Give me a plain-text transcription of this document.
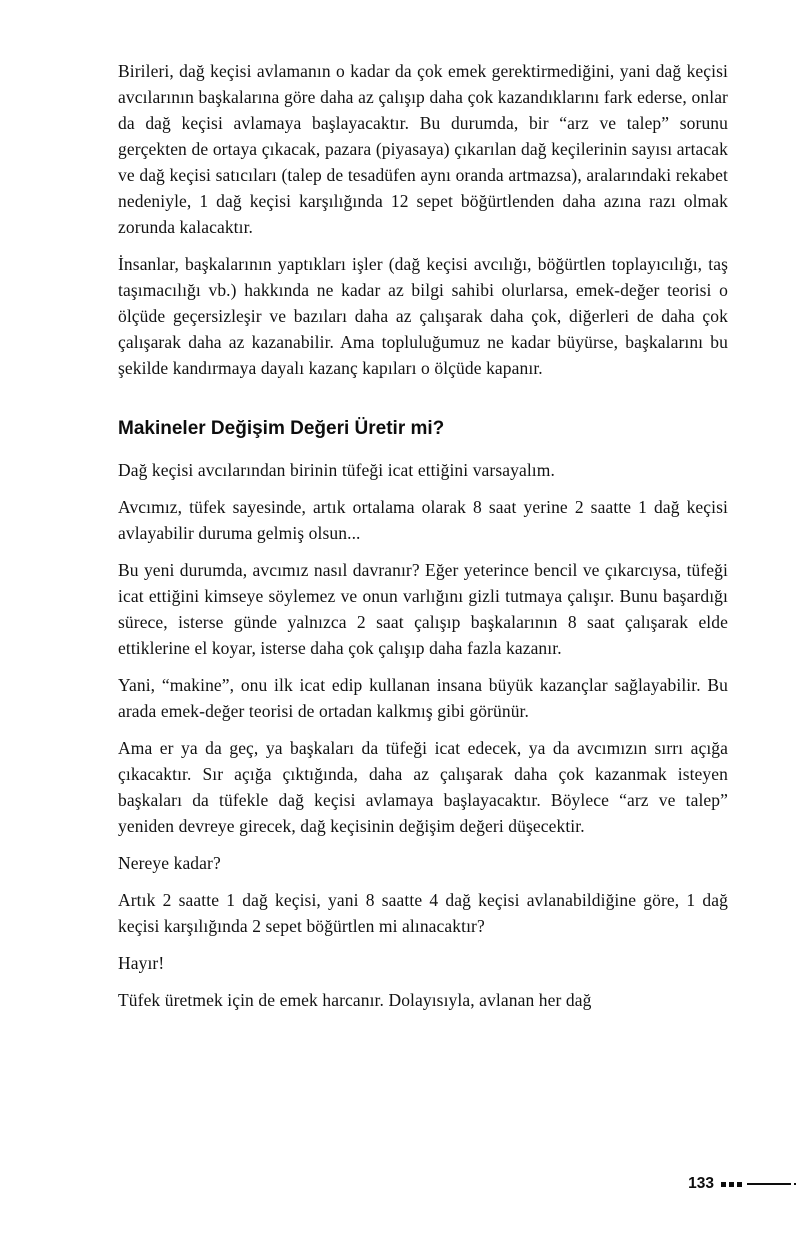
Birileri, dağ keçisi avlamanın o kadar da çok emek gerektirmediğini, yani dağ keçisi avcılarının başkalarına göre daha az çalışıp daha çok kazandıklarını fark ederse, onlar da dağ keçisi avlamaya başlayacaktır. Bu durumda, bir “arz ve talep” sorunu gerçekten de ortaya çıkacak, pazara (piyasaya) çıkarılan dağ keçilerinin sayısı artacak ve dağ keçisi satıcıları (talep de tesadüfen aynı oranda artmazsa), aralarındaki rekabet nedeniyle, 1 dağ keçisi karşılığında 12 sepet böğürtlenden daha azına razı olmak zorunda kalacaktır.

İnsanlar, başkalarının yaptıkları işler (dağ keçisi avcılığı, böğürtlen toplayıcılığı, taş taşımacılığı vb.) hakkında ne kadar az bilgi sahibi olurlarsa, emek-değer teorisi o ölçüde geçersizleşir ve bazıları daha az çalışarak daha çok, diğerleri de daha çok çalışarak daha az kazanabilir. Ama topluluğumuz ne kadar büyürse, başkalarını bu şekilde kandırmaya dayalı kazanç kapıları o ölçüde kapanır.

Makineler Değişim Değeri Üretir mi?

Dağ keçisi avcılarından birinin tüfeği icat ettiğini varsayalım.

Avcımız, tüfek sayesinde, artık ortalama olarak 8 saat yerine 2 saatte 1 dağ keçisi avlayabilir duruma gelmiş olsun...

Bu yeni durumda, avcımız nasıl davranır? Eğer yeterince bencil ve çıkarcıysa, tüfeği icat ettiğini kimseye söylemez ve onun varlığını gizli tutmaya çalışır. Bunu başardığı sürece, isterse günde yalnızca 2 saat çalışıp başkalarının 8 saat çalışarak elde ettiklerine el koyar, isterse daha çok çalışıp daha fazla kazanır.

Yani, “makine”, onu ilk icat edip kullanan insana büyük kazançlar sağlayabilir. Bu arada emek-değer teorisi de ortadan kalkmış gibi görünür.

Ama er ya da geç, ya başkaları da tüfeği icat edecek, ya da avcımızın sırrı açığa çıkacaktır. Sır açığa çıktığında, daha az çalışarak daha çok kazanmak isteyen başkaları da tüfekle dağ keçisi avlamaya başlayacaktır. Böylece “arz ve talep” yeniden devreye girecek, dağ keçisinin değişim değeri düşecektir.

Nereye kadar?

Artık 2 saatte 1 dağ keçisi, yani 8 saatte 4 dağ keçisi avlanabildiğine göre, 1 dağ keçisi karşılığında 2 sepet böğürtlen mi alınacaktır?

Hayır!

Tüfek üretmek için de emek harcanır. Dolayısıyla, avlanan her dağ

133
